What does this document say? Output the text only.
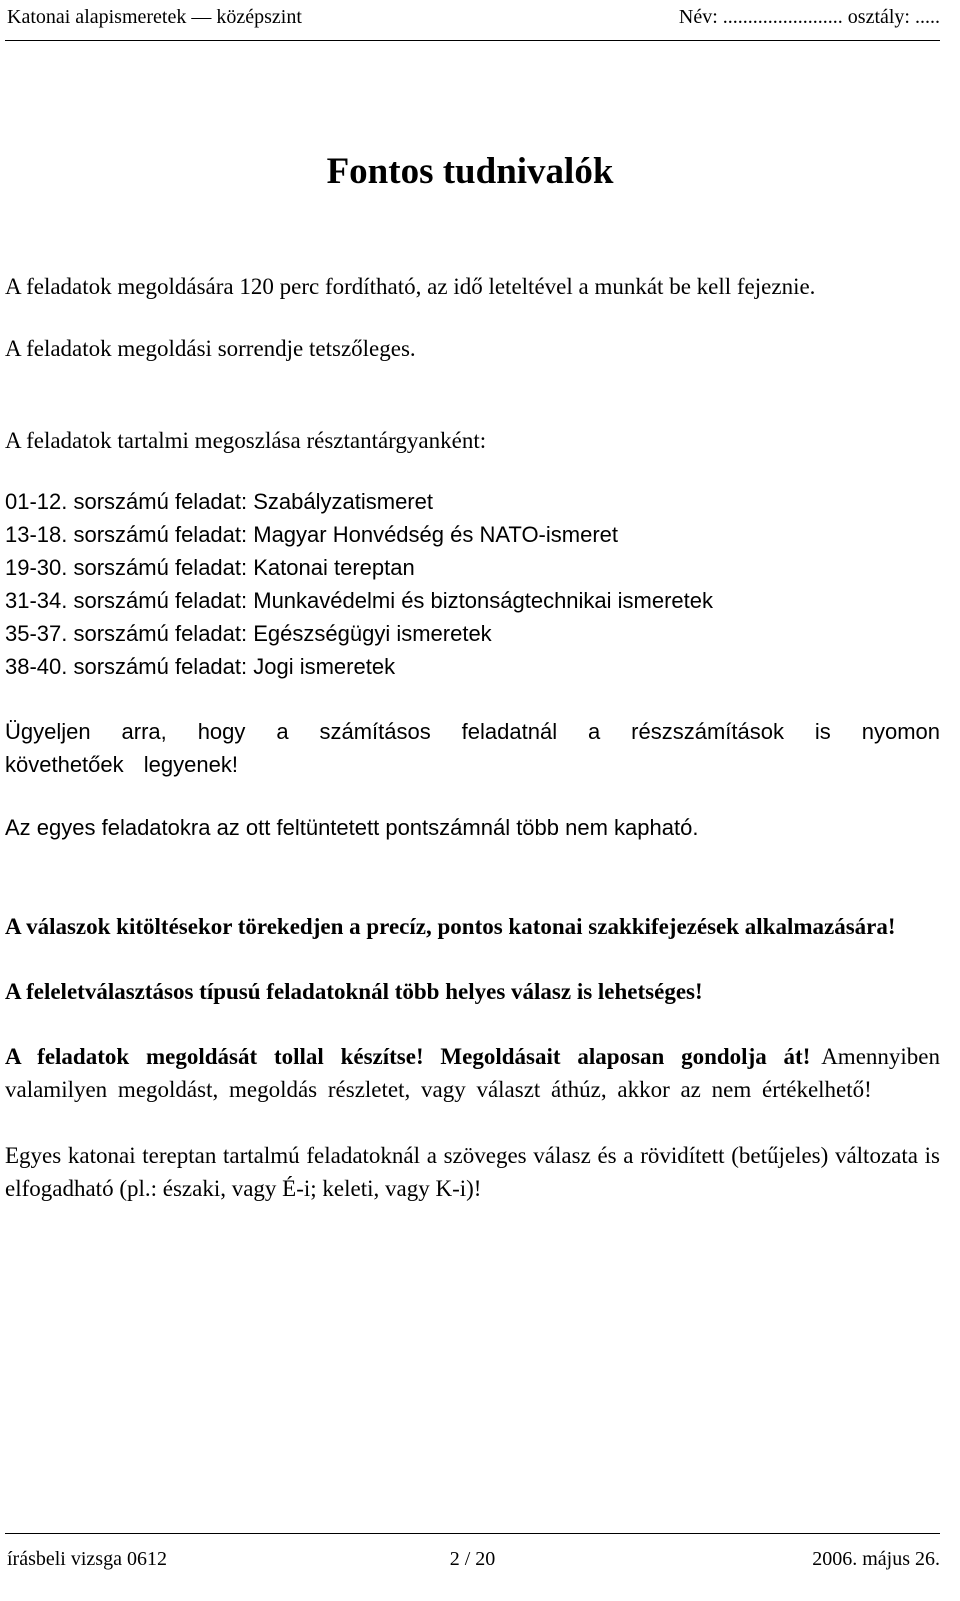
Katonai alapismeretek — középszint	Név: ........................ osztály: .....
Fontos tudnivalók

A feladatok megoldására 120 perc fordítható, az idő leteltével a munkát be kell fejeznie.

A feladatok megoldási sorrendje tetszőleges.

A feladatok tartalmi megoszlása résztantárgyanként:

01-12. sorszámú feladat: Szabályzatismeret
13-18. sorszámú feladat: Magyar Honvédség és NATO-ismeret
19-30. sorszámú feladat: Katonai tereptan
31-34. sorszámú feladat: Munkavédelmi és biztonságtechnikai ismeretek
35-37. sorszámú feladat: Egészségügyi ismeretek
38-40. sorszámú feladat: Jogi ismeretek

Ügyeljen arra, hogy a számításos feladatnál a részszámítások is nyomon követhetőek legyenek!

Az egyes feladatokra az ott feltüntetett pontszámnál több nem kapható.

A válaszok kitöltésekor törekedjen a precíz, pontos katonai szakkifejezések alkalmazására!

A feleletválasztásos típusú feladatoknál több helyes válasz is lehetséges!

A feladatok megoldását tollal készítse! Megoldásait alaposan gondolja át! Amennyiben valamilyen megoldást, megoldás részletet, vagy választ áthúz, akkor az nem értékelhető!

Egyes katonai tereptan tartalmú feladatoknál a szöveges válasz és a rövidített (betűjeles) változata is elfogadható (pl.: északi, vagy É-i; keleti, vagy K-i)!

írásbeli vizsga 0612	2 / 20	2006. május 26.
